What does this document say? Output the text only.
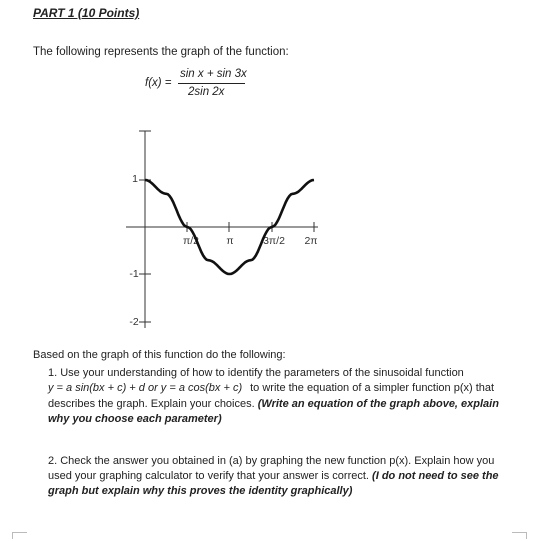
PART 1 (10 Points)
The following represents the graph of the function:
f(x) =
sin x + sin 3x
2sin 2x
1
-1
-2
π/2	π	3π/2 2π
Based on the graph of this function do the following:
1. Use your understanding of how to identify the parameters of the sinusoidal function
y = a sin(bx + c) + d or y = a cos(bx + c) to write the equation of a simpler function p(x) that
describes the graph. Explain your choices. (Write an equation of the graph above, explain why you choose each parameter)
2. Check the answer you obtained in (a) by graphing the new function p(x). Explain how you used your graphing calculator to verify that your answer is correct. (I do not need to see the graph but explain why this proves the identity graphically)
